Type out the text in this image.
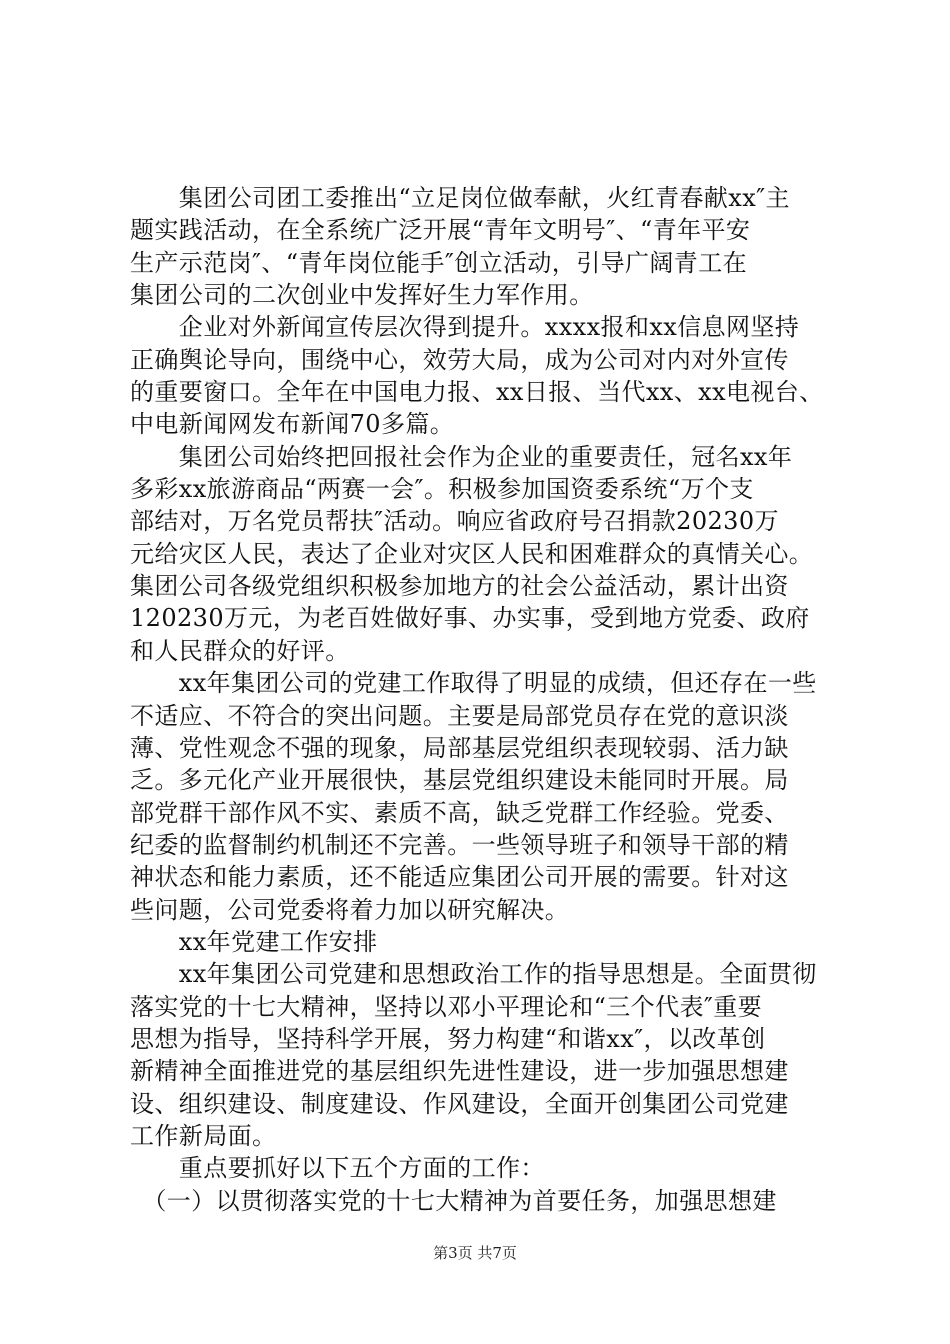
　　集团公司团工委推出“立足岗位做奉献，火红青春献xx″主
题实践活动，在全系统广泛开展“青年文明号″、“青年平安
生产示范岗″、“青年岗位能手″创立活动，引导广阔青工在
集团公司的二次创业中发挥好生力军作用。
　　企业对外新闻宣传层次得到提升。xxxx报和xx信息网坚持
正确舆论导向，围绕中心，效劳大局，成为公司对内对外宣传
的重要窗口。全年在中国电力报、xx日报、当代xx、xx电视台、
中电新闻网发布新闻70多篇。
　　集团公司始终把回报社会作为企业的重要责任，冠名xx年
多彩xx旅游商品“两赛一会″。积极参加国资委系统“万个支
部结对，万名党员帮扶″活动。响应省政府号召捐款20230万
元给灾区人民，表达了企业对灾区人民和困难群众的真情关心。
集团公司各级党组织积极参加地方的社会公益活动，累计出资
120230万元，为老百姓做好事、办实事，受到地方党委、政府
和人民群众的好评。
　　xx年集团公司的党建工作取得了明显的成绩，但还存在一些
不适应、不符合的突出问题。主要是局部党员存在党的意识淡
薄、党性观念不强的现象，局部基层党组织表现较弱、活力缺
乏。多元化产业开展很快，基层党组织建设未能同时开展。局
部党群干部作风不实、素质不高，缺乏党群工作经验。党委、
纪委的监督制约机制还不完善。一些领导班子和领导干部的精
神状态和能力素质，还不能适应集团公司开展的需要。针对这
些问题，公司党委将着力加以研究解决。
　　xx年党建工作安排
　　xx年集团公司党建和思想政治工作的指导思想是。全面贯彻
落实党的十七大精神，坚持以邓小平理论和“三个代表″重要
思想为指导，坚持科学开展，努力构建“和谐xx″，以改革创
新精神全面推进党的基层组织先进性建设，进一步加强思想建
设、组织建设、制度建设、作风建设，全面开创集团公司党建
工作新局面。
　　重点要抓好以下五个方面的工作：
　（一）以贯彻落实党的十七大精神为首要任务，加强思想建
第3页 共7页
